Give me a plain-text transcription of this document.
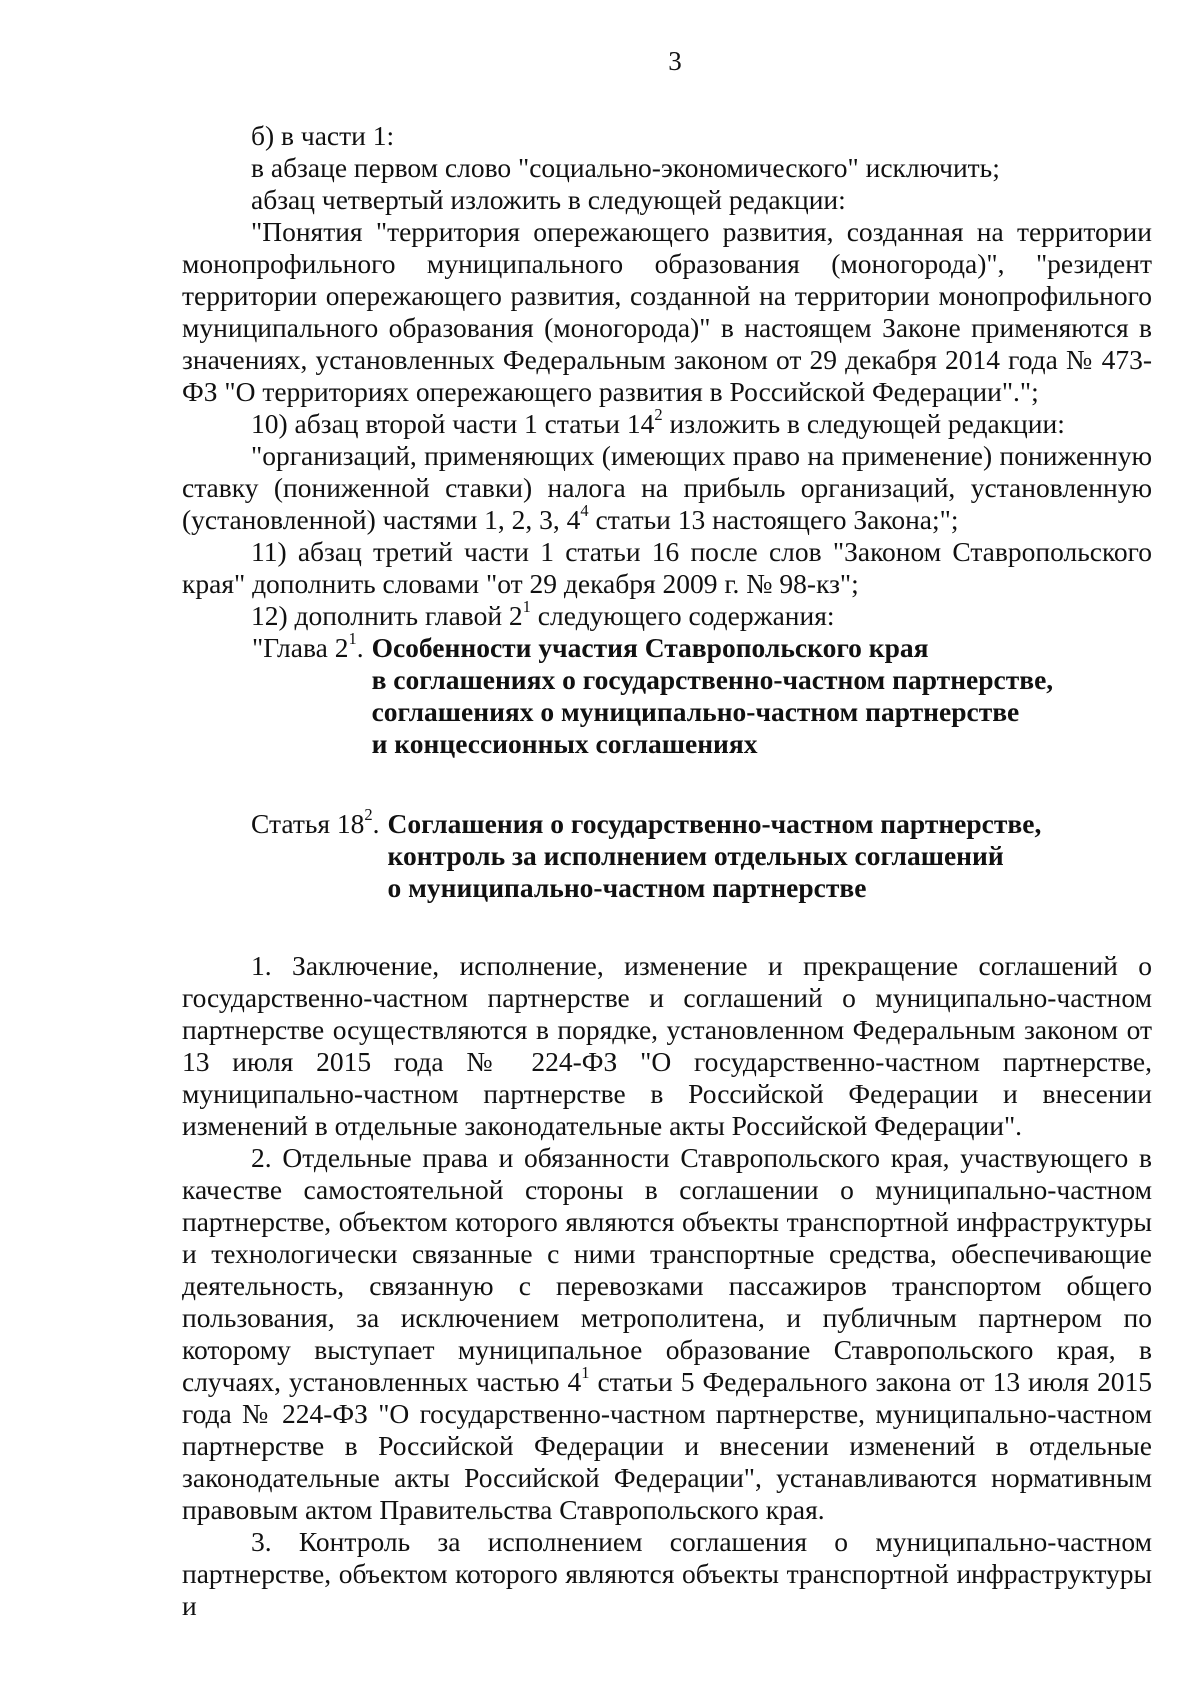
3

б) в части 1:

в абзаце первом слово "социально-экономического" исключить;

абзац четвертый изложить в следующей редакции:

"Понятия "территория опережающего развития, созданная на территории монопрофильного муниципального образования (моногорода)", "резидент территории опережающего развития, созданной на территории монопрофильного муниципального образования (моногорода)" в настоящем Законе применяются в значениях, установленных Федеральным законом от 29 декабря 2014 года № 473-ФЗ "О территориях опережающего развития в Российской Федерации".";

10) абзац второй части 1 статьи $14^2$ изложить в следующей редакции:

"организаций, применяющих (имеющих право на применение) пониженную ставку (пониженной ставки) налога на прибыль организаций, установленную (установленной) частями 1, 2, 3, $4^4$ статьи 13 настоящего Закона;";

11) абзац третий части 1 статьи 16 после слов "Законом Ставропольского края" дополнить словами "от 29 декабря 2009 г. № 98-кз";

12) дополнить главой $2^1$ следующего содержания:

"Глава $2^1$. Особенности участия Ставропольского края
в соглашениях о государственно-частном партнерстве,
соглашениях о муниципально-частном партнерстве
и концессионных соглашениях
Статья $18^2$. Соглашения о государственно-частном партнерстве,
контроль за исполнением отдельных соглашений
о муниципально-частном партнерстве

1. Заключение, исполнение, изменение и прекращение соглашений о государственно-частном партнерстве и соглашений о муниципально-частном партнерстве осуществляются в порядке, установленном Федеральным законом от 13 июля 2015 года № 224-ФЗ "О государственно-частном партнерстве, муниципально-частном партнерстве в Российской Федерации и внесении изменений в отдельные законодательные акты Российской Федерации".

2. Отдельные права и обязанности Ставропольского края, участвующего в качестве самостоятельной стороны в соглашении о муниципально-частном партнерстве, объектом которого являются объекты транспортной инфраструктуры и технологически связанные с ними транспортные средства, обеспечивающие деятельность, связанную с перевозками пассажиров транспортом общего пользования, за исключением метрополитена, и публичным партнером по которому выступает муниципальное образование Ставропольского края, в случаях, установленных частью $4^1$ статьи 5 Федерального закона от 13 июля 2015 года № 224-ФЗ "О государственно-частном партнерстве, муниципально-частном партнерстве в Российской Федерации и внесении изменений в отдельные законодательные акты Российской Федерации", устанавливаются нормативным правовым актом Правительства Ставропольского края.

3. Контроль за исполнением соглашения о муниципально-частном партнерстве, объектом которого являются объекты транспортной инфраструктуры и
